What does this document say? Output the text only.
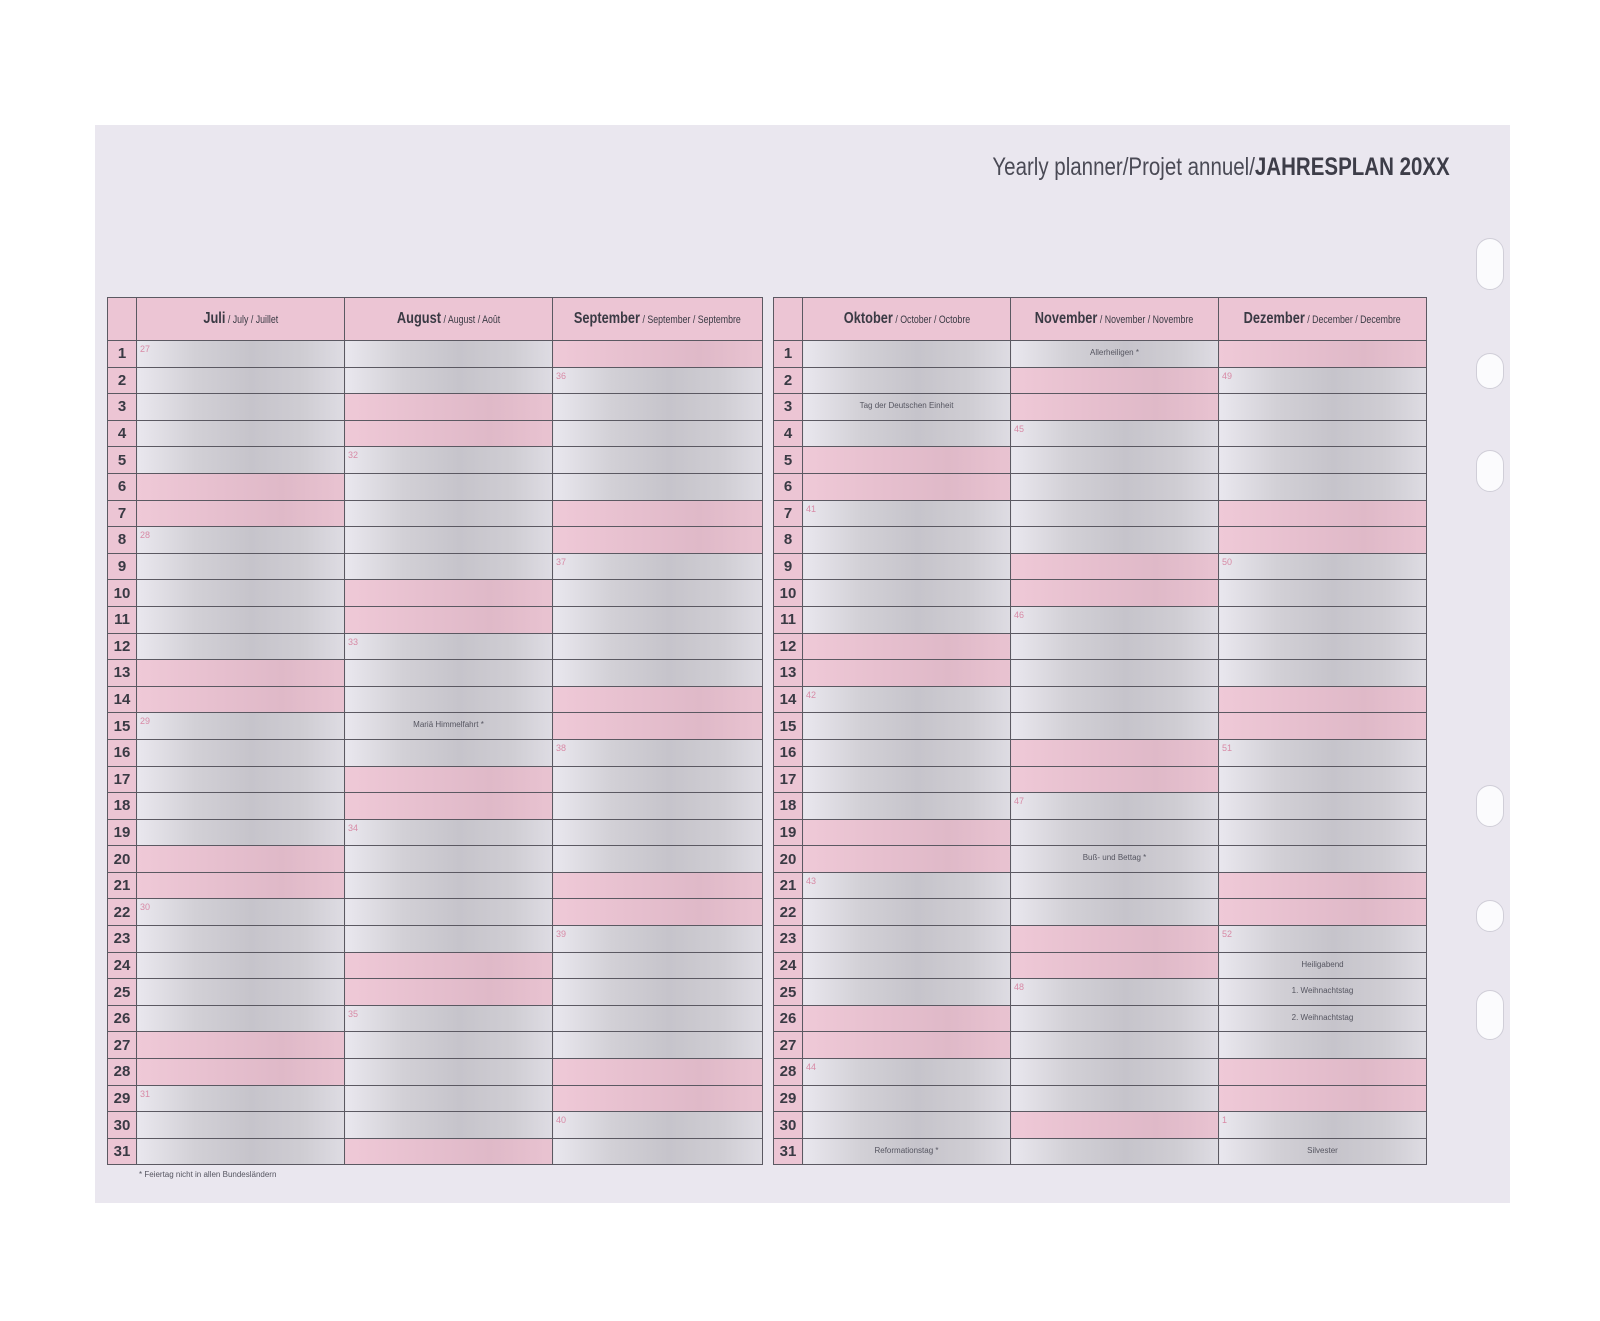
Yearly planner/Projet annuel/JAHRESPLAN 20XX
	Juli / July / Juillet	August / August / Août	September / September / Septembre
1	27		

2			36

3			
4			
5		32	

6			
7			
8	28		

9			37

10			
11			
12		33	

13			
14			
15	29	Mariä Himmelfahrt *	

16			38

17			
18			
19		34	

20			
21			
22	30		

23			39

24			
25			
26		35	

27			
28			
29	31		

30			40

31			
	Oktober / October / Octobre	November / November / Novembre	Dezember / December / Decembre
1		Allerheiligen *	

2			49

3	Tag der Deutschen Einheit		

4		45	

5			
6			
7	41		

8			
9			50

10			
11		46	

12			
13			
14	42		

15			
16			51

17			
18		47	

19			
20		Buß- und Bettag *	

21	43		

22			
23			52

24			Heiligabend

25		48	1. Weihnachtstag

26			2. Weihnachtstag

27			
28	44		

29			
30			1

31	Reformationstag *		Silvester
* Feiertag nicht in allen Bundesländern
